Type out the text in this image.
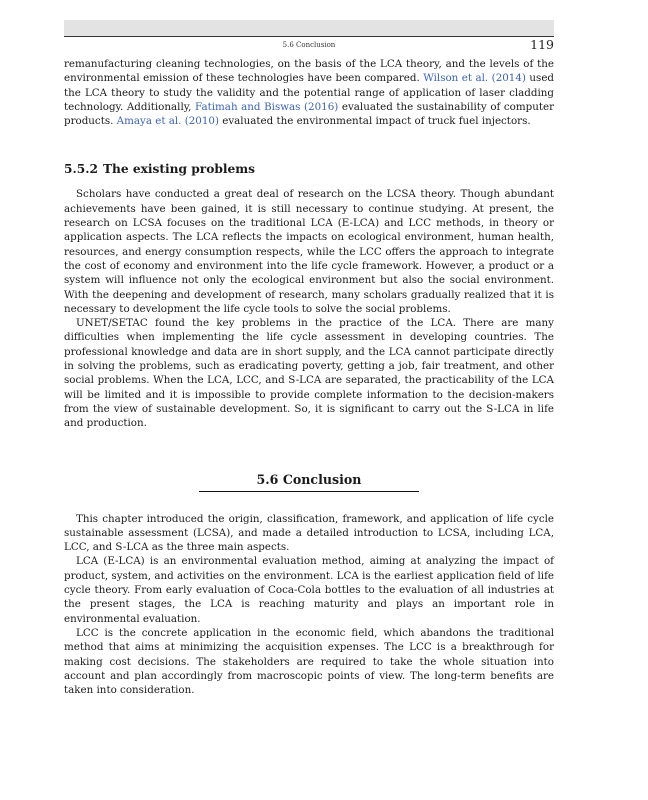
5.6 Conclusion	119

remanufacturing cleaning technologies, on the basis of the LCA theory, and the levels of the environmental emission of these technologies have been compared. Wilson et al. (2014) used the LCA theory to study the validity and the potential range of application of laser cladding technology. Additionally, Fatimah and Biswas (2016) evaluated the sustainability of computer products. Amaya et al. (2010) evaluated the environmental impact of truck fuel injectors.

5.5.2 The existing problems

Scholars have conducted a great deal of research on the LCSA theory. Though abundant achievements have been gained, it is still necessary to continue studying. At present, the research on LCSA focuses on the traditional LCA (E-LCA) and LCC methods, in theory or application aspects. The LCA reflects the impacts on ecological environment, human health, resources, and energy consumption respects, while the LCC offers the approach to integrate the cost of economy and environment into the life cycle framework. However, a product or a system will influence not only the ecological environment but also the social environment. With the deepening and development of research, many scholars gradually realized that it is necessary to development the life cycle tools to solve the social problems.

UNET/SETAC found the key problems in the practice of the LCA. There are many difficulties when implementing the life cycle assessment in developing countries. The professional knowledge and data are in short supply, and the LCA cannot participate directly in solving the problems, such as eradicating poverty, getting a job, fair treatment, and other social problems. When the LCA, LCC, and S-LCA are separated, the practicability of the LCA will be limited and it is impossible to provide complete information to the decision-makers from the view of sustainable development. So, it is significant to carry out the S-LCA in life and production.

5.6 Conclusion

This chapter introduced the origin, classification, framework, and application of life cycle sustainable assessment (LCSA), and made a detailed introduction to LCSA, including LCA, LCC, and S-LCA as the three main aspects.

LCA (E-LCA) is an environmental evaluation method, aiming at analyzing the impact of product, system, and activities on the environment. LCA is the earliest application field of life cycle theory. From early evaluation of Coca-Cola bottles to the evaluation of all industries at the present stages, the LCA is reaching maturity and plays an important role in environmental evaluation.

LCC is the concrete application in the economic field, which abandons the traditional method that aims at minimizing the acquisition expenses. The LCC is a breakthrough for making cost decisions. The stakeholders are required to take the whole situation into account and plan accordingly from macroscopic points of view. The long-term benefits are taken into consideration.
